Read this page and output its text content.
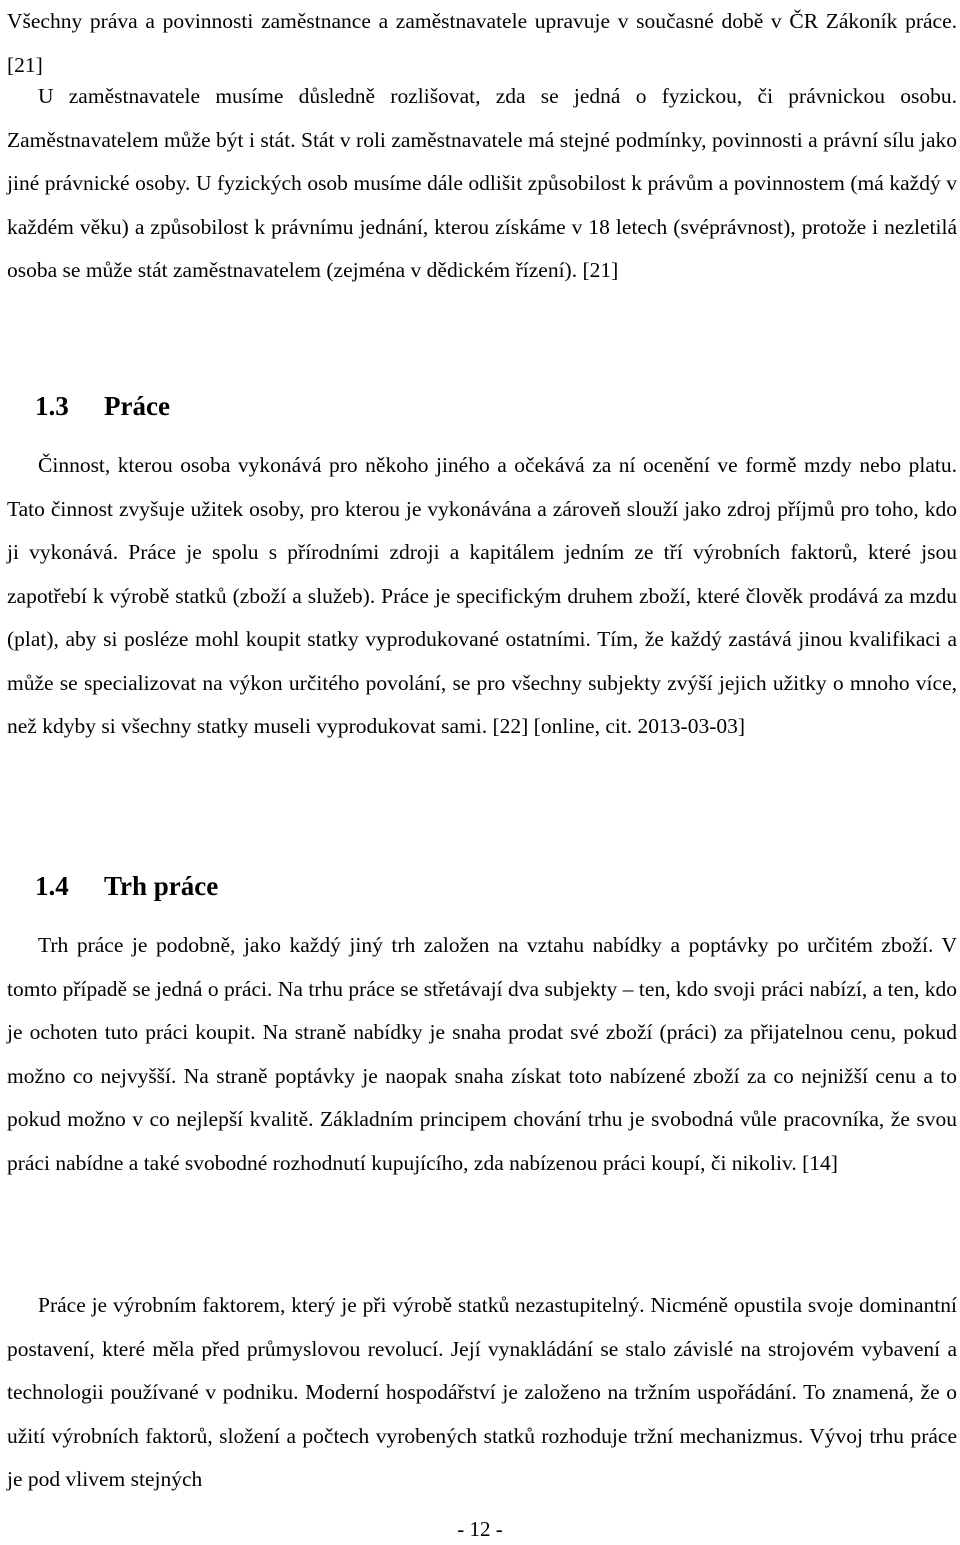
Všechny práva a povinnosti zaměstnance a zaměstnavatele upravuje v současné době v ČR Zákoník práce. [21]

U zaměstnavatele musíme důsledně rozlišovat, zda se jedná o fyzickou, či právnickou osobu. Zaměstnavatelem může být i stát. Stát v roli zaměstnavatele má stejné podmínky, povinnosti a právní sílu jako jiné právnické osoby. U fyzických osob musíme dále odlišit způsobilost k právům a povinnostem (má každý v každém věku) a způsobilost k právnímu jednání, kterou získáme v 18 letech (svéprávnost), protože i nezletilá osoba se může stát zaměstnavatelem (zejména v dědickém řízení). [21]

1.3 Práce

Činnost, kterou osoba vykonává pro někoho jiného a očekává za ní ocenění ve formě mzdy nebo platu. Tato činnost zvyšuje užitek osoby, pro kterou je vykonávána a zároveň slouží jako zdroj příjmů pro toho, kdo ji vykonává. Práce je spolu s přírodními zdroji a kapitálem jedním ze tří výrobních faktorů, které jsou zapotřebí k výrobě statků (zboží a služeb). Práce je specifickým druhem zboží, které člověk prodává za mzdu (plat), aby si posléze mohl koupit statky vyprodukované ostatními. Tím, že každý zastává jinou kvalifikaci a může se specializovat na výkon určitého povolání, se pro všechny subjekty zvýší jejich užitky o mnoho více, než kdyby si všechny statky museli vyprodukovat sami. [22] [online, cit. 2013-03-03]

1.4 Trh práce

Trh práce je podobně, jako každý jiný trh založen na vztahu nabídky a poptávky po určitém zboží. V tomto případě se jedná o práci. Na trhu práce se střetávají dva subjekty – ten, kdo svoji práci nabízí, a ten, kdo je ochoten tuto práci koupit. Na straně nabídky je snaha prodat své zboží (práci) za přijatelnou cenu, pokud možno co nejvyšší. Na straně poptávky je naopak snaha získat toto nabízené zboží za co nejnižší cenu a to pokud možno v co nejlepší kvalitě. Základním principem chování trhu je svobodná vůle pracovníka, že svou práci nabídne a také svobodné rozhodnutí kupujícího, zda nabízenou práci koupí, či nikoliv. [14]

Práce je výrobním faktorem, který je při výrobě statků nezastupitelný. Nicméně opustila svoje dominantní postavení, které měla před průmyslovou revolucí. Její vynakládání se stalo závislé na strojovém vybavení a technologii používané v podniku. Moderní hospodářství je založeno na tržním uspořádání. To znamená, že o užití výrobních faktorů, složení a počtech vyrobených statků rozhoduje tržní mechanizmus. Vývoj trhu práce je pod vlivem stejných

- 12 -
